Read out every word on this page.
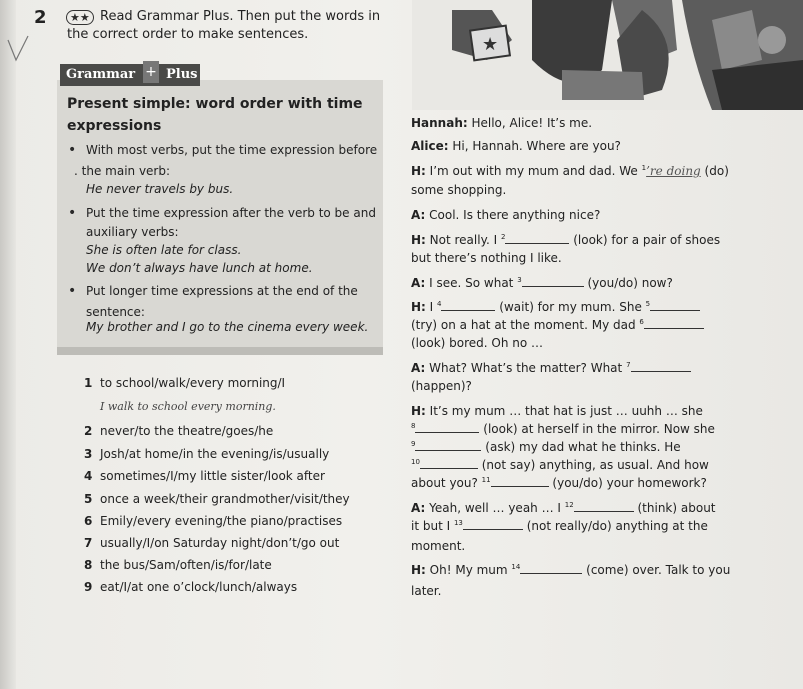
2	★★ Read Grammar Plus. Then put the words in
the correct order to make sentences.	★
Grammar Plus
+
Present simple: word order with time
expressions
• With most verbs, put the time expression before
. the main verb:
He never travels by bus.
• Put the time expression after the verb to be and
auxiliary verbs:
She is often late for class.
We don’t always have lunch at home.
• Put longer time expressions at the end of the
sentence:
My brother and I go to the cinema every week.
1 to school/walk/every morning/I
I walk to school every morning.
2 never/to the theatre/goes/he
3 Josh/at home/in the evening/is/usually
4 sometimes/I/my little sister/look after
5 once a week/their grandmother/visit/they
6 Emily/every evening/the piano/practises
7 usually/I/on Saturday night/don’t/go out
8 the bus/Sam/often/is/for/late
9 eat/I/at one o’clock/lunch/always
Hannah: Hello, Alice! It’s me.
Alice: Hi, Hannah. Where are you?
H: I’m out with my mum and dad. We $^1$’re doing (do)
some shopping.
A: Cool. Is there anything nice?
H: Not really. I $^2$	(look) for a pair of shoes
but there’s nothing I like.
A: I see. So what $^3$	(you/do) now?
H: I $^4$	(wait) for my mum. She $^5$
(try) on a hat at the moment. My dad $^6$
(look) bored. Oh no …
A: What? What’s the matter? What $^7$
(happen)?
H: It’s my mum … that hat is just … uuhh … she
$^8$	(look) at herself in the mirror. Now she
$^9$	(ask) my dad what he thinks. He
$^{10}$	(not say) anything, as usual. And how
about you? $^{11}$	(you/do) your homework?
A: Yeah, well … yeah … I $^{12}$	(think) about
it but I $^{13}$	(not really/do) anything at the
moment.
H: Oh! My mum $^{14}$	(come) over. Talk to you
later.
